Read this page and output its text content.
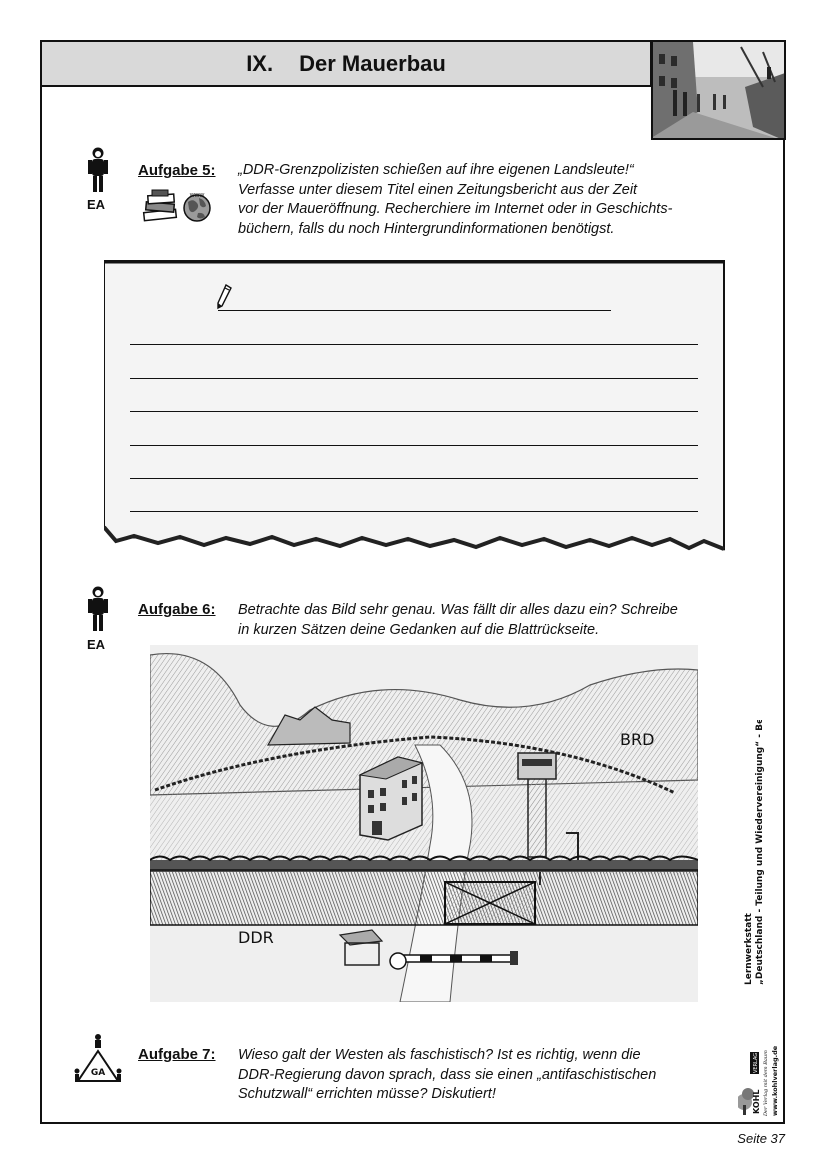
IX. Der Mauerbau
EA
Aufgabe 5:
WWW
„DDR-Grenzpolizisten schießen auf ihre eigenen Landsleute!“
Verfasse unter diesem Titel einen Zeitungsbericht aus der Zeit
vor der Maueröffnung. Recherchiere im Internet oder in Geschichts-
büchern, falls du noch Hintergrundinformationen benötigst.
EA
Aufgabe 6: Betrachte das Bild sehr genau. Was fällt dir alles dazu ein? Schreibe
in kurzen Sätzen deine Gedanken auf die Blattrückseite.
BRD
DDR
GA
Aufgabe 7: Wieso galt der Westen als faschistisch? Ist es richtig, wenn die
DDR-Regierung davon sprach, dass sie einen „antifaschistischen
Schutzwall“ errichten müsse? Diskutiert!
Lernwerkstatt „Deutschland - Teilung und Wiedervereinigung“ - Bestell-Nr. 10 852
KOHL
VERLAG Der Verlag mit dem Baum www.kohlverlag.de
Seite 37
